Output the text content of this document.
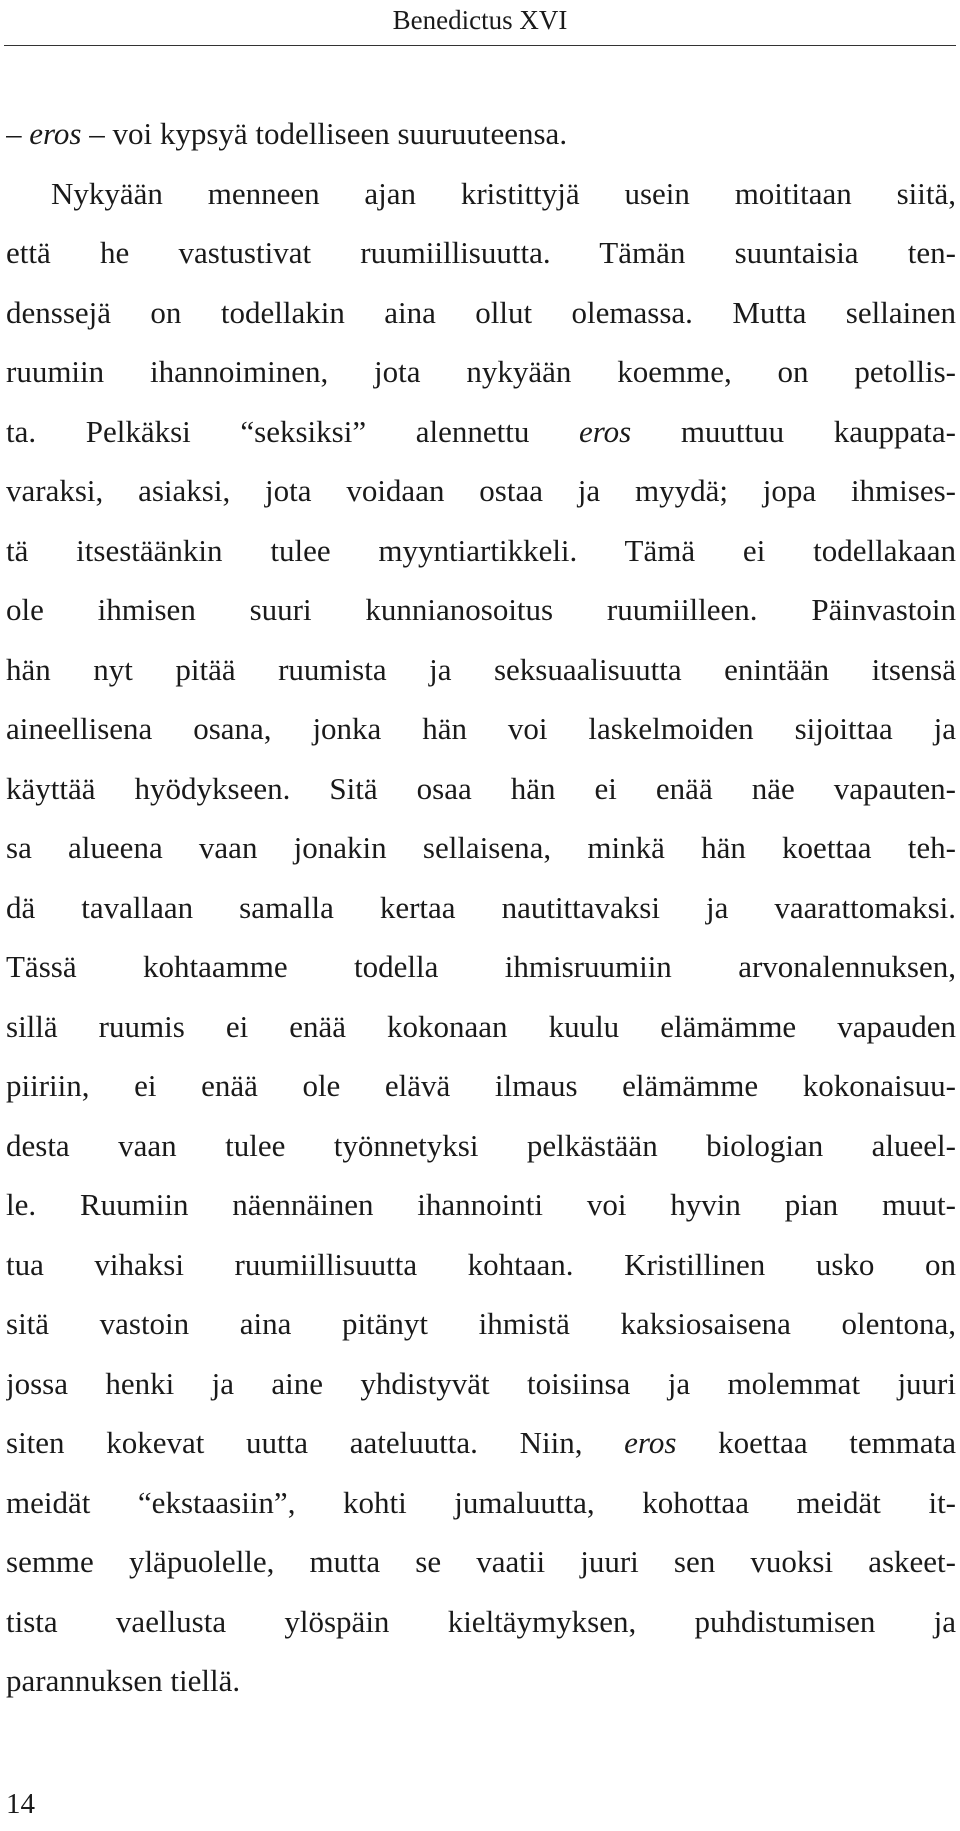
Benedictus XVI
– eros – voi kypsyä todelliseen suuruuteensa.
Nykyään menneen ajan kristittyjä usein moititaan siitä,
että he vastustivat ruumiillisuutta. Tämän suuntaisia ten-
denssejä on todellakin aina ollut olemassa. Mutta sellainen
ruumiin ihannoiminen, jota nykyään koemme, on petollis-
ta. Pelkäksi “seksiksi” alennettu eros muuttuu kauppata-
varaksi, asiaksi, jota voidaan ostaa ja myydä; jopa ihmises-
tä itsestäänkin tulee myyntiartikkeli. Tämä ei todellakaan
ole ihmisen suuri kunnianosoitus ruumiilleen. Päinvastoin
hän nyt pitää ruumista ja seksuaalisuutta enintään itsensä
aineellisena osana, jonka hän voi laskelmoiden sijoittaa ja
käyttää hyödykseen. Sitä osaa hän ei enää näe vapauten-
sa alueena vaan jonakin sellaisena, minkä hän koettaa teh-
dä tavallaan samalla kertaa nautittavaksi ja vaarattomaksi.
Tässä kohtaamme todella ihmisruumiin arvonalennuksen,
sillä ruumis ei enää kokonaan kuulu elämämme vapauden
piiriin, ei enää ole elävä ilmaus elämämme kokonaisuu-
desta vaan tulee työnnetyksi pelkästään biologian alueel-
le. Ruumiin näennäinen ihannointi voi hyvin pian muut-
tua vihaksi ruumiillisuutta kohtaan. Kristillinen usko on
sitä vastoin aina pitänyt ihmistä kaksiosaisena olentona,
jossa henki ja aine yhdistyvät toisiinsa ja molemmat juuri
siten kokevat uutta aateluutta. Niin, eros koettaa temmata
meidät “ekstaasiin”, kohti jumaluutta, kohottaa meidät it-
semme yläpuolelle, mutta se vaatii juuri sen vuoksi askeet-
tista vaellusta ylöspäin kieltäymyksen, puhdistumisen ja
parannuksen tiellä.
14
